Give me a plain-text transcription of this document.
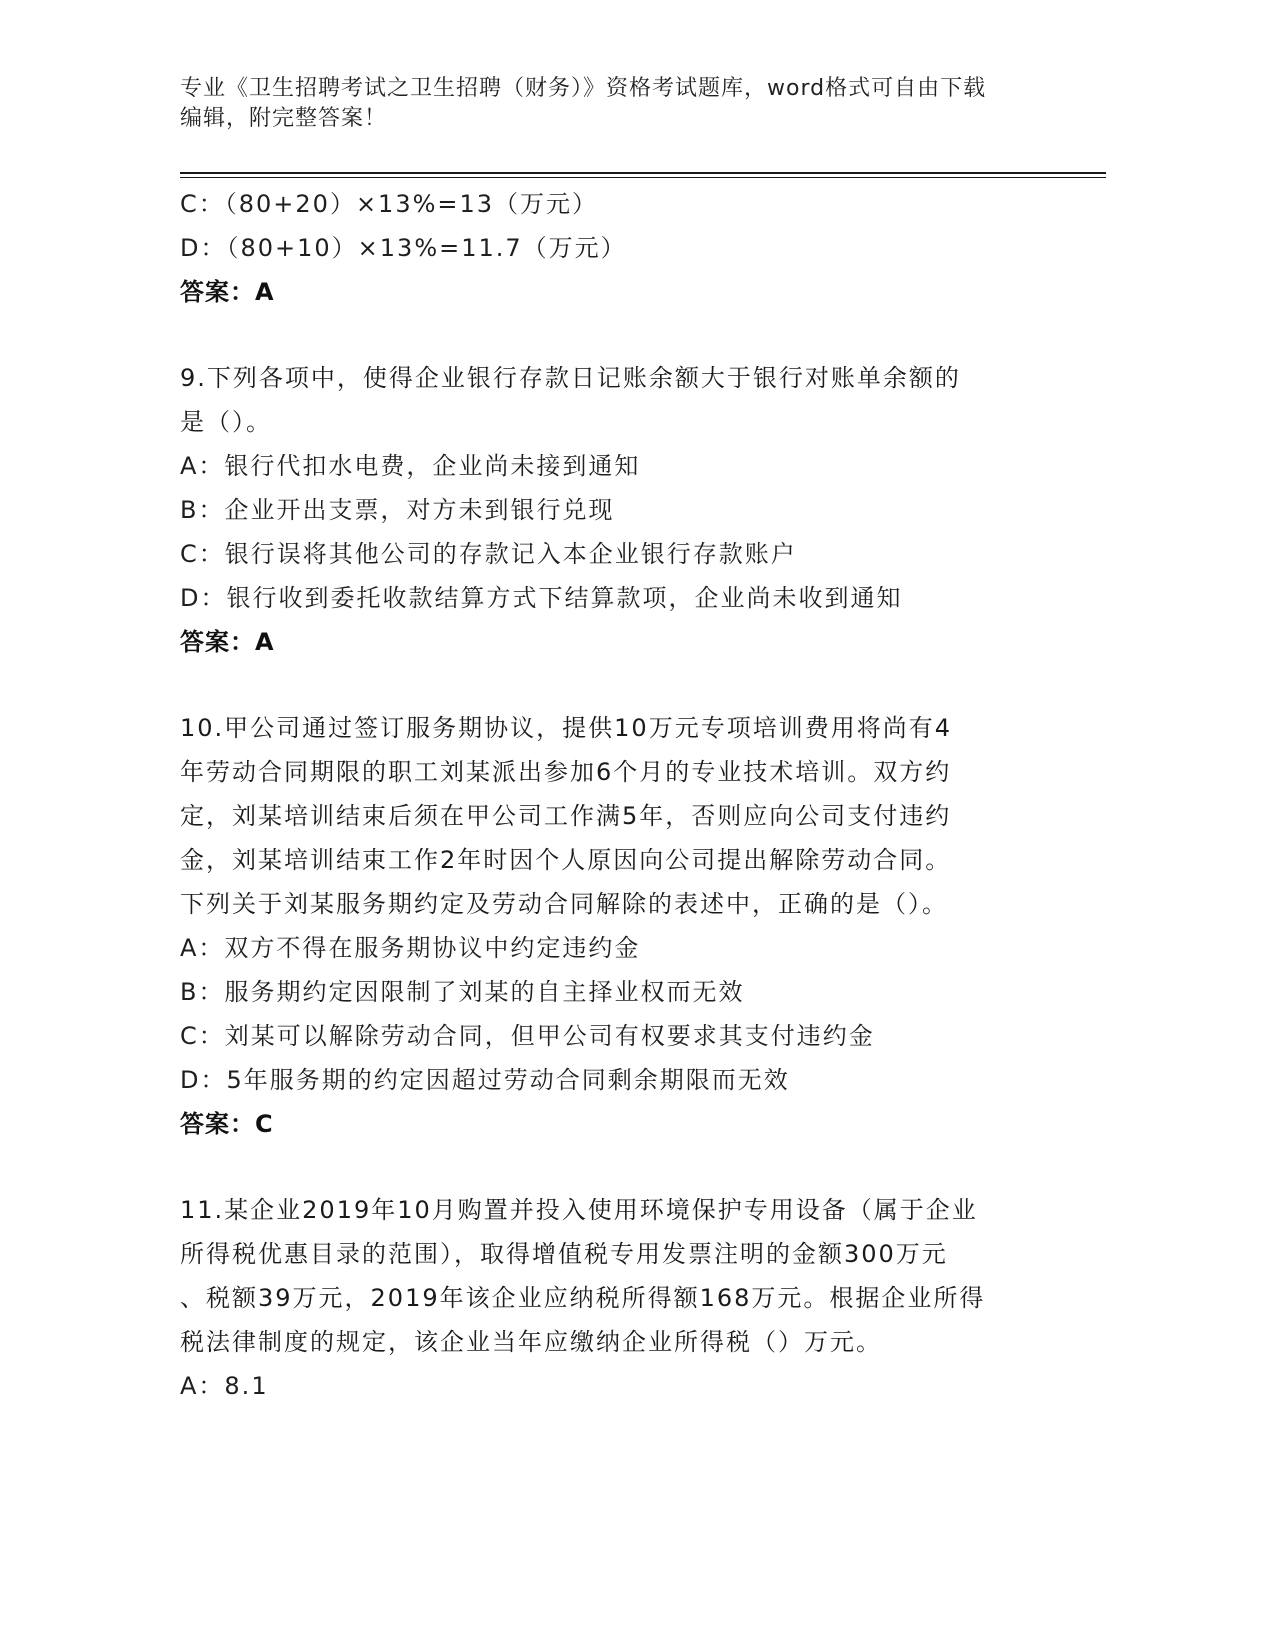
专业《卫生招聘考试之卫生招聘（财务）》资格考试题库，word格式可自由下载
编辑，附完整答案！
C：（80+20）×13%=13（万元）
D：（80+10）×13%=11.7（万元）
答案：A
9.下列各项中，使得企业银行存款日记账余额大于银行对账单余额的
是（）。
A：银行代扣水电费，企业尚未接到通知
B：企业开出支票，对方未到银行兑现
C：银行误将其他公司的存款记入本企业银行存款账户
D：银行收到委托收款结算方式下结算款项，企业尚未收到通知
答案：A
10.甲公司通过签订服务期协议，提供10万元专项培训费用将尚有4
年劳动合同期限的职工刘某派出参加6个月的专业技术培训。双方约
定，刘某培训结束后须在甲公司工作满5年，否则应向公司支付违约
金，刘某培训结束工作2年时因个人原因向公司提出解除劳动合同。
下列关于刘某服务期约定及劳动合同解除的表述中，正确的是（）。
A：双方不得在服务期协议中约定违约金
B：服务期约定因限制了刘某的自主择业权而无效
C：刘某可以解除劳动合同，但甲公司有权要求其支付违约金
D：5年服务期的约定因超过劳动合同剩余期限而无效
答案：C
11.某企业2019年10月购置并投入使用环境保护专用设备（属于企业
所得税优惠目录的范围），取得增值税专用发票注明的金额300万元
、税额39万元，2019年该企业应纳税所得额168万元。根据企业所得
税法律制度的规定，该企业当年应缴纳企业所得税（）万元。
A：8.1
